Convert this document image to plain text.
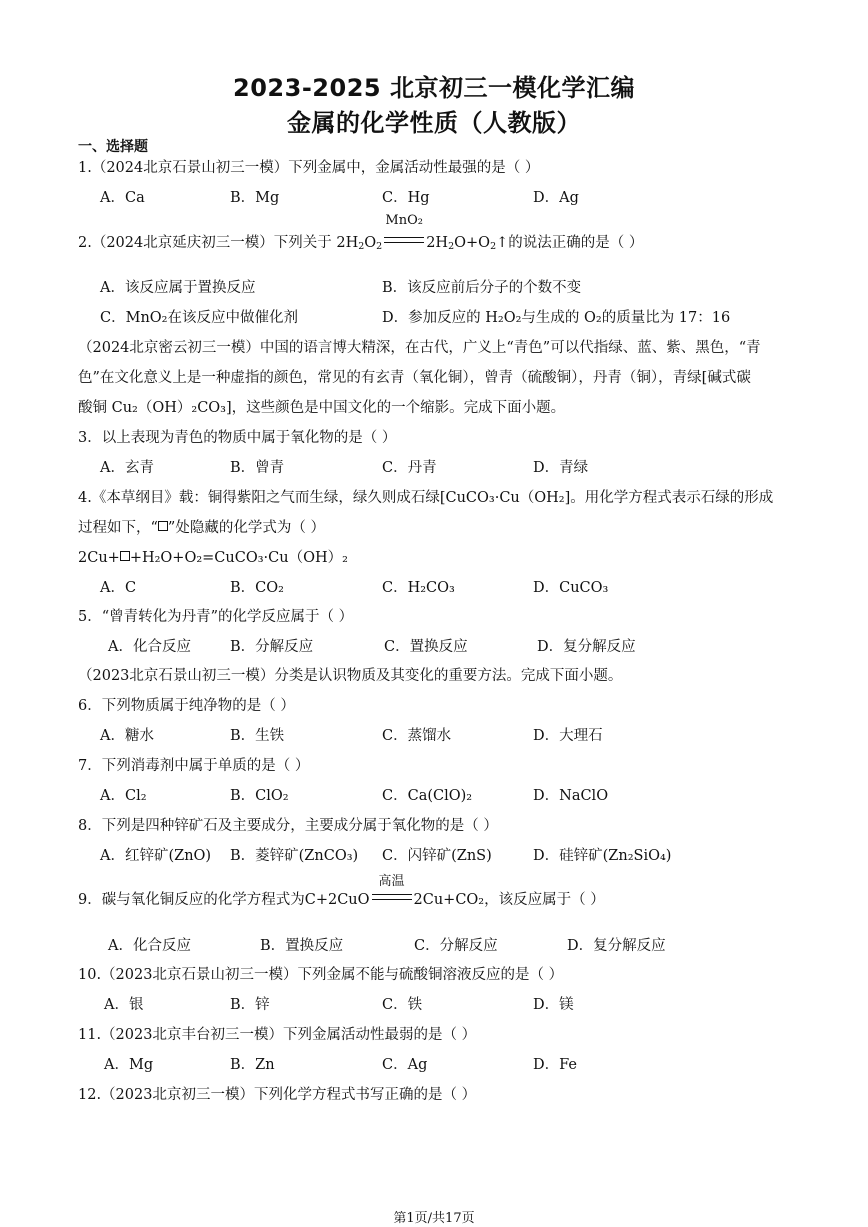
2023-2025 北京初三一模化学汇编
金属的化学性质（人教版）
一、选择题
1.（2024北京石景山初三一模）下列金属中，金属活动性最强的是（ ）
A．Ca	B．Mg	C．Hg	D．Ag
2.（2024北京延庆初三一模）下列关于 $2H_2O_2$
MnO₂
$2H_2O+O_2↑$的说法正确的是（ ）
A．该反应属于置换反应	B．该反应前后分子的个数不变
C．MnO₂在该反应中做催化剂	D．参加反应的 H₂O₂与生成的 O₂的质量比为 17：16
（2024北京密云初三一模）中国的语言博大精深，在古代，广义上“青色”可以代指绿、蓝、紫、黑色，“青
色”在文化意义上是一种虚指的颜色，常见的有玄青（氧化铜），曾青（硫酸铜），丹青（铜），青绿[碱式碳
酸铜 Cu₂（OH）₂CO₃]，这些颜色是中国文化的一个缩影。完成下面小题。
3．以上表现为青色的物质中属于氧化物的是（ ）
A．玄青	B．曾青	C．丹青	D．青绿
4.《本草纲目》载：铜得紫阳之气而生绿，绿久则成石绿[CuCO₃·Cu（OH₂]。用化学方程式表示石绿的形成
过程如下，“ ”处隐藏的化学式为（ ）
2Cu+ +H₂O+O₂=CuCO₃·Cu（OH）₂
A．C	B．CO₂	C．H₂CO₃	D．CuCO₃
5．“曾青转化为丹青”的化学反应属于（ ）
A．化合反应	B．分解反应	C．置换反应	D．复分解反应
（2023北京石景山初三一模）分类是认识物质及其变化的重要方法。完成下面小题。
6．下列物质属于纯净物的是（ ）
A．糖水	B．生铁	C．蒸馏水	D．大理石
7．下列消毒剂中属于单质的是（ ）
A．Cl₂	B．ClO₂	C．Ca(ClO)₂	D．NaClO
8．下列是四种锌矿石及主要成分，主要成分属于氧化物的是（ ）
A．红锌矿(ZnO) B．菱锌矿(ZnCO₃) C．闪锌矿(ZnS)	D．硅锌矿(Zn₂SiO₄)
9．碳与氧化铜反应的化学方程式为C+2CuO
高温
2Cu+CO₂，该反应属于（ ）
A．化合反应	B．置换反应	C．分解反应	D．复分解反应
10.（2023北京石景山初三一模）下列金属不能与硫酸铜溶液反应的是（ ）
A．银	B．锌	C．铁	D．镁
11.（2023北京丰台初三一模）下列金属活动性最弱的是（ ）
A．Mg	B．Zn	C．Ag	D．Fe
12.（2023北京初三一模）下列化学方程式书写正确的是（ ）
第1页/共17页
